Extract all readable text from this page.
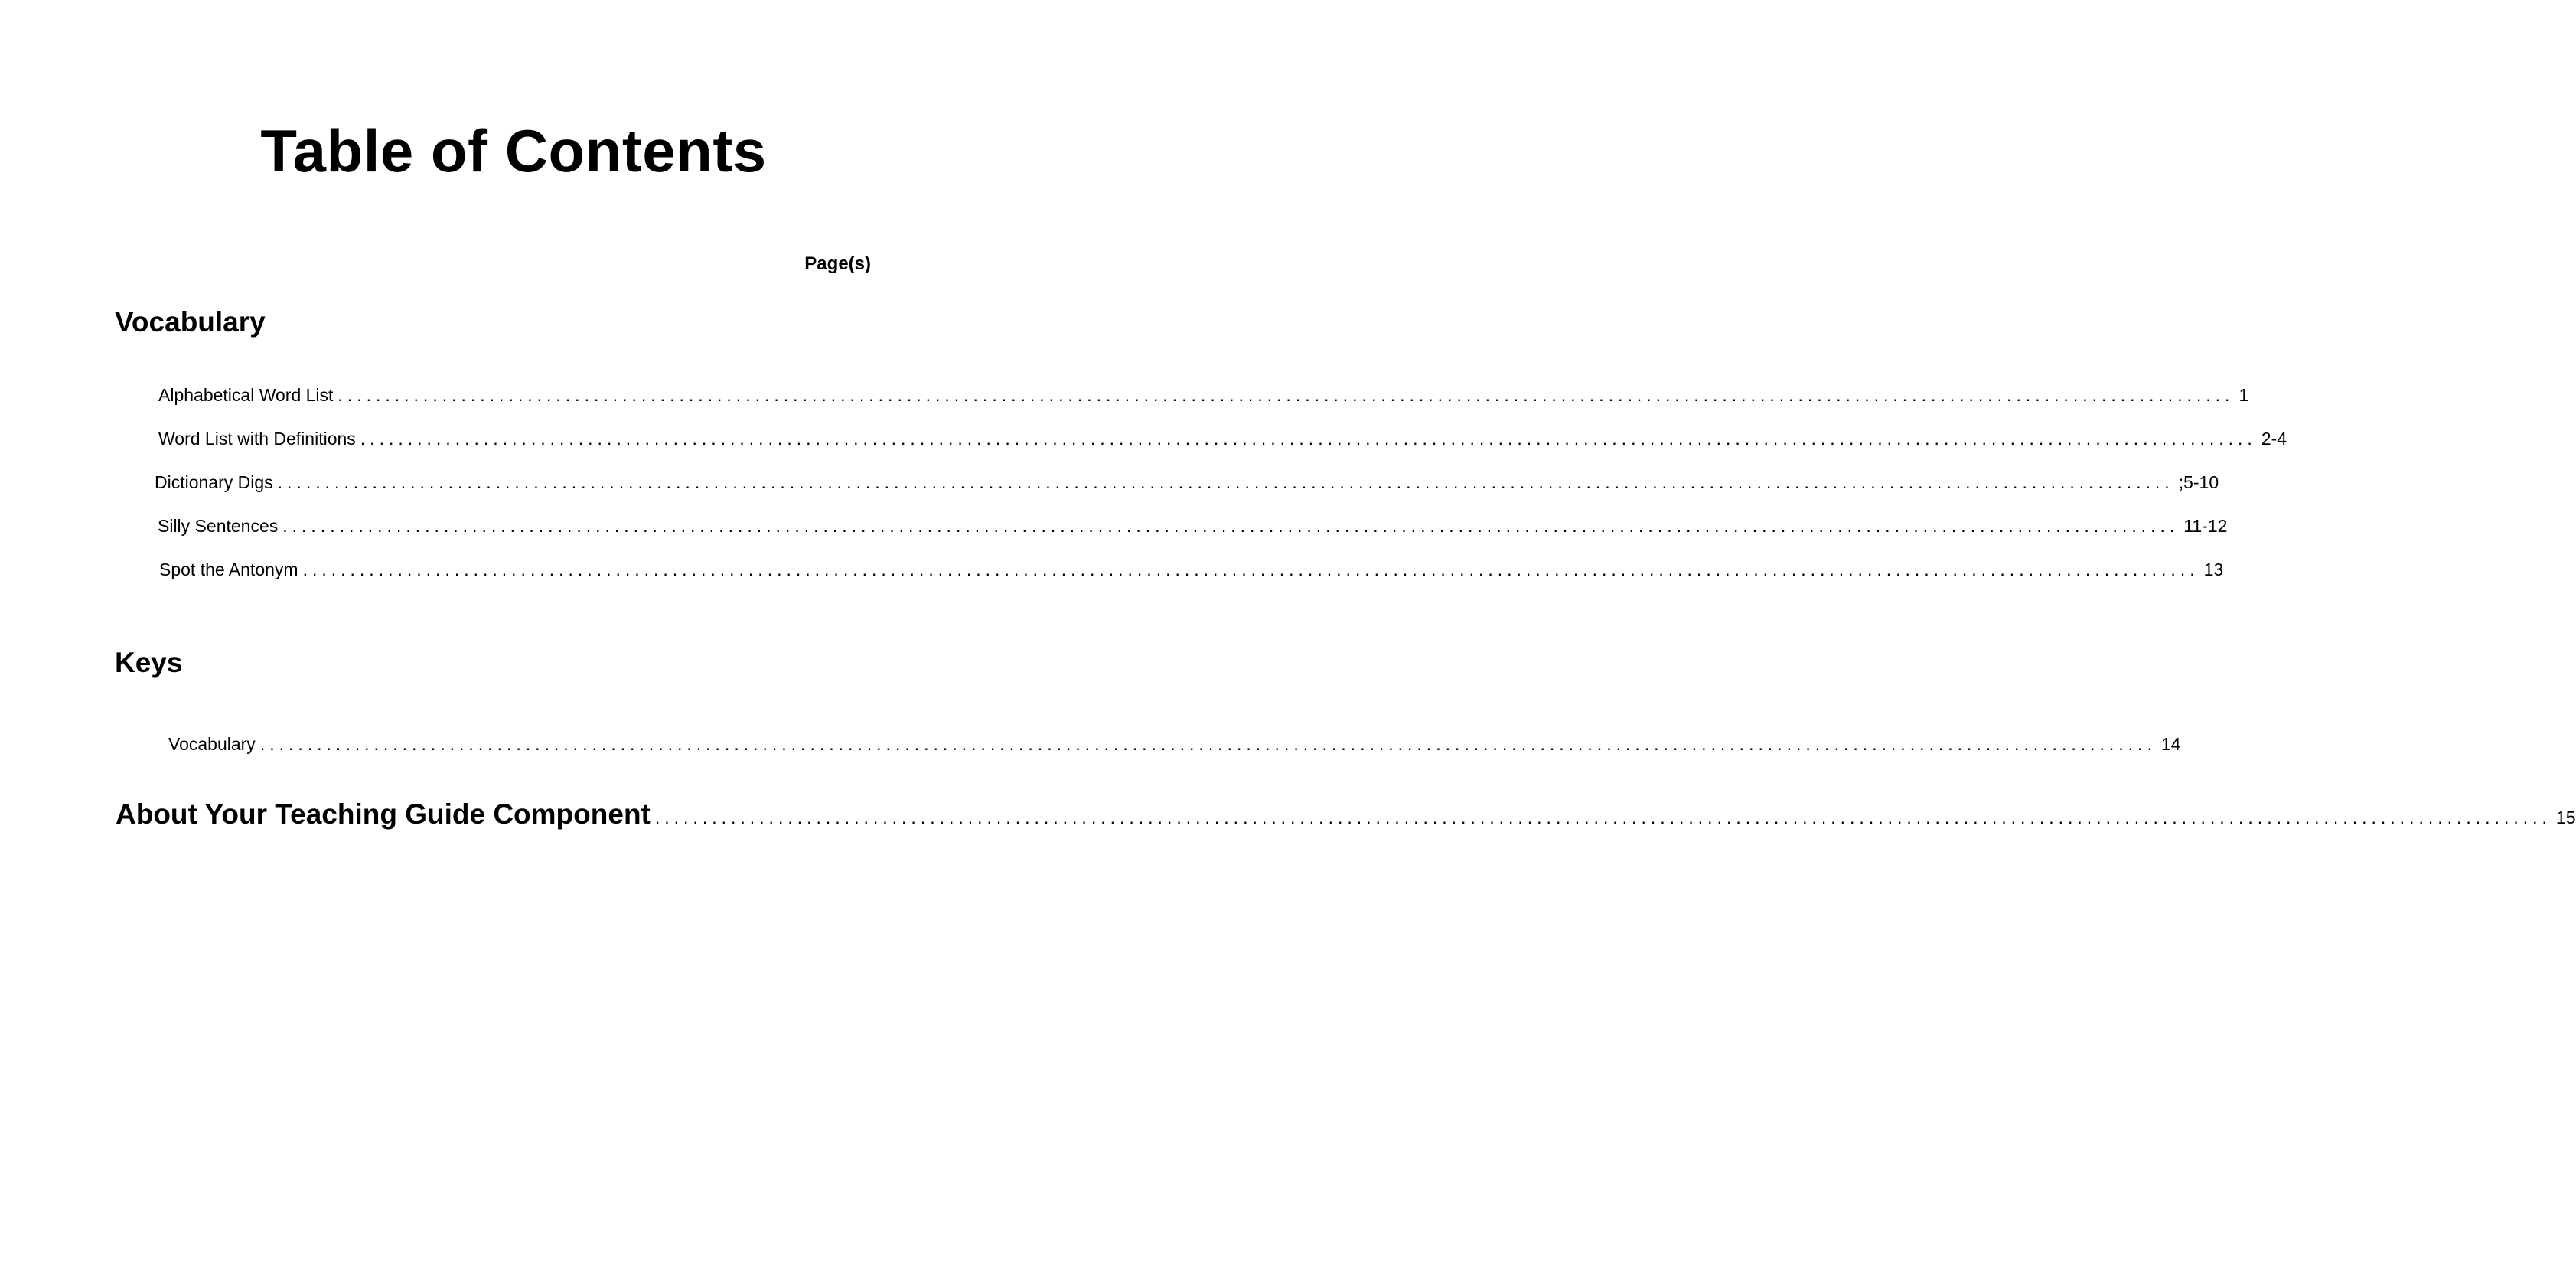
Table of Contents
Page(s)
Vocabulary
Alphabetical Word List ........................................................................................................................................................................................................ 1
Word List with Definitions ........................................................................................................................................................................................................ 2-4
Dictionary Digs ........................................................................................................................................................................................................ ;5-10
Silly Sentences ........................................................................................................................................................................................................ 11-12
Spot the Antonym ........................................................................................................................................................................................................ 13
Keys
Vocabulary ........................................................................................................................................................................................................ 14
About Your Teaching Guide Component ........................................................................................................................................................................................................ 15
